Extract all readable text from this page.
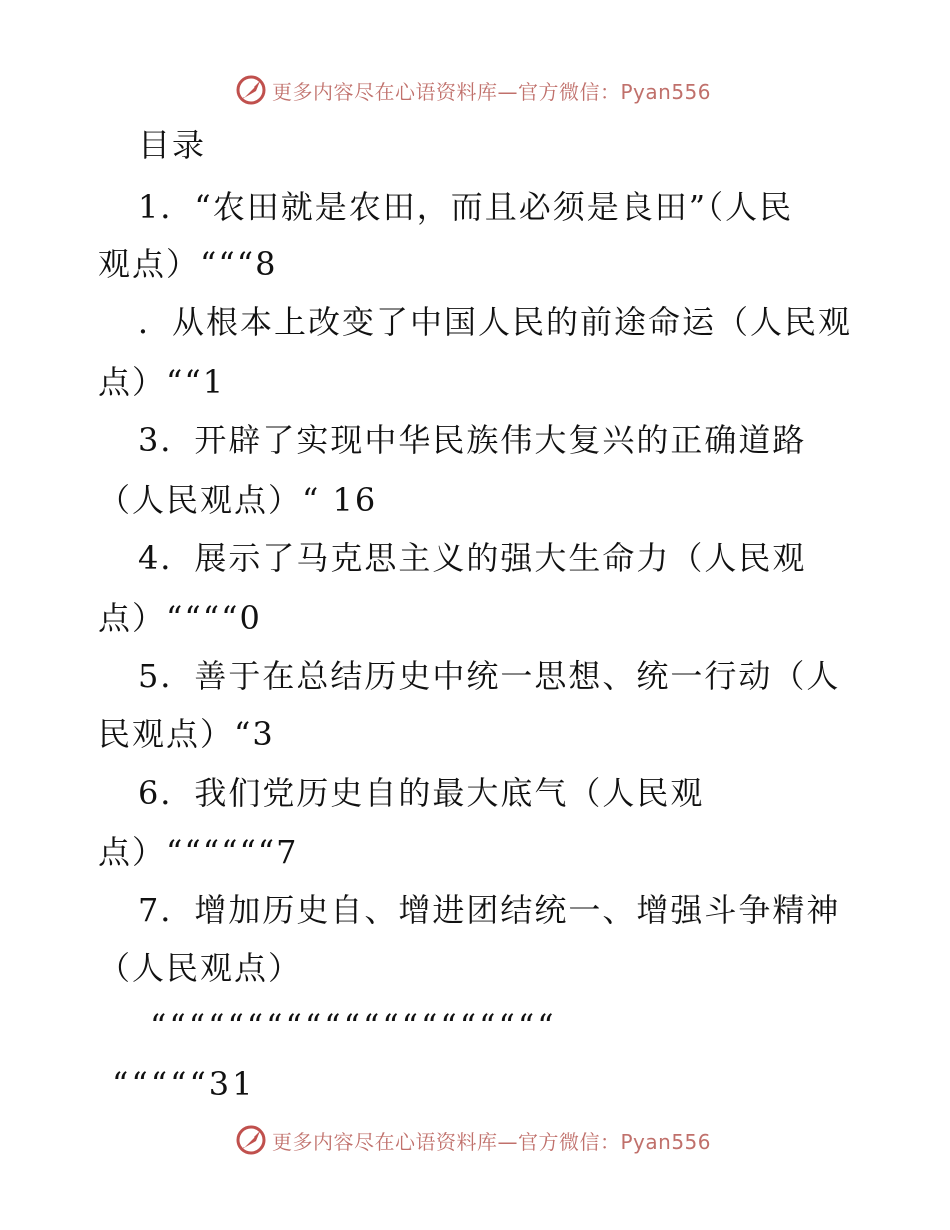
更多内容尽在心语资料库—官方微信：Pyan556
目录
1．“农田就是农田，而且必须是良田”（人民
观点）“““8
．从根本上改变了中国人民的前途命运（人民观
点）““1
3．开辟了实现中华民族伟大复兴的正确道路
（人民观点）“ 16
4．展示了马克思主义的强大生命力（人民观
点）““““0
5．善于在总结历史中统一思想、统一行动（人
民观点）“3
6．我们党历史自的最大底气（人民观
点）““““““7
7．增加历史自、增进团结统一、增强斗争精神
（人民观点）
“““““““““““““““““““““
“““““31
更多内容尽在心语资料库—官方微信：Pyan556
